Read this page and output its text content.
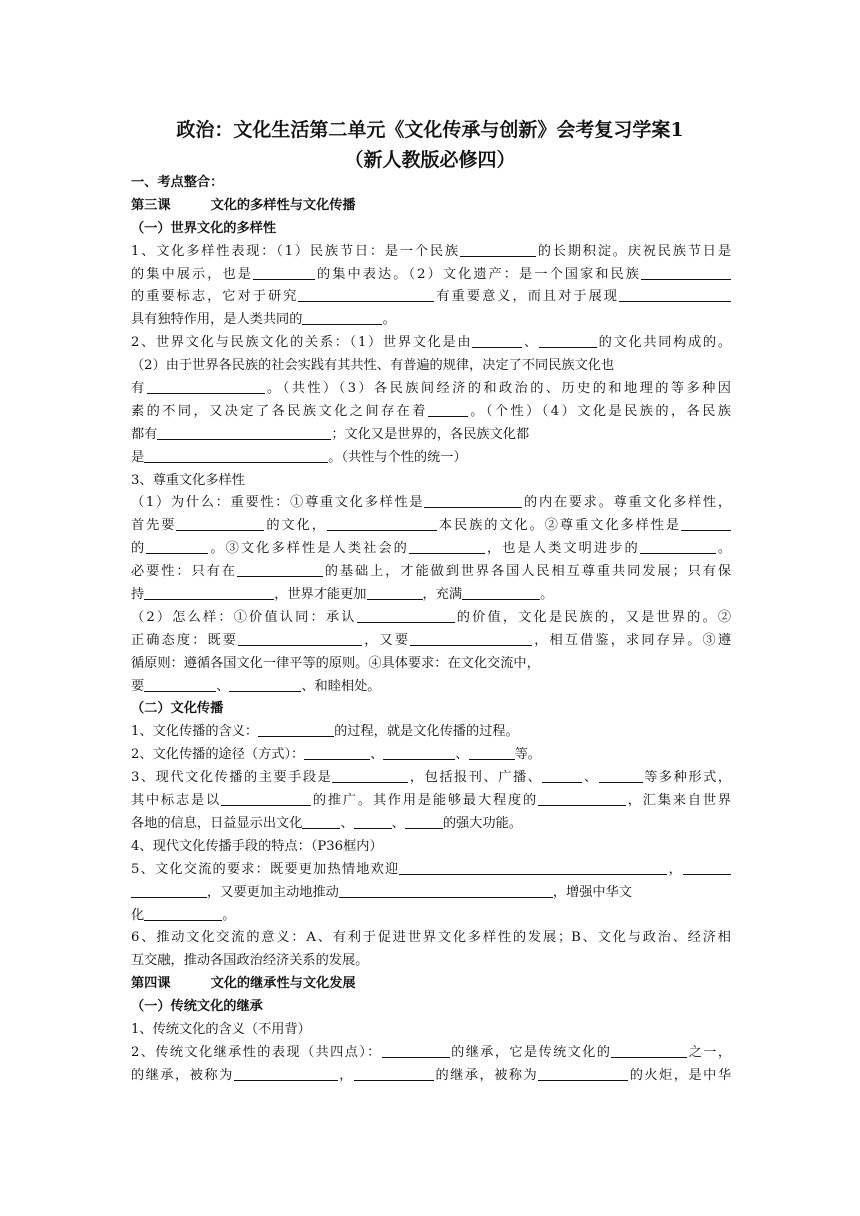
政治：文化生活第二单元《文化传承与创新》会考复习学案1
（新人教版必修四）
一、考点整合：
第三课	文化的多样性与文化传播
（一）世界文化的多样性
1、文化多样性表现：（1）民族节日：是一个民族	的长期积淀。庆祝民族节日是
的集中展示，也是	的集中表达。（2）文化遗产：是一个国家和民族
的重要标志，它对于研究	有重要意义，而且对于展现
具有独特作用，是人类共同的	。
2、世界文化与民族文化的关系：（1）世界文化是由	、	的文化共同构成的。
（2）由于世界各民族的社会实践有其共性、有普遍的规律，决定了不同民族文化也
有	。（共性）（3）各民族间经济的和政治的、历史的和地理的等多种因
素的不同，又决定了各民族文化之间存在着	。（个性）（4）文化是民族的，各民族
都有	；文化又是世界的，各民族文化都
是	。（共性与个性的统一）
3、尊重文化多样性
（1）为什么：重要性：①尊重文化多样性是	的内在要求。尊重文化多样性，
首先要	的文化，	本民族的文化。②尊重文化多样性是
的	。③文化多样性是人类社会的	，也是人类文明进步的	。
必要性：只有在	的基础上，才能做到世界各国人民相互尊重共同发展；只有保
持	，世界才能更加	，充满	。
（2）怎么样：①价值认同：承认	的价值，文化是民族的，又是世界的。②
正确态度：既要	，又要	，相互借鉴，求同存异。③遵
循原则：遵循各国文化一律平等的原则。④具体要求：在文化交流中，
要	、	、和睦相处。
（二）文化传播
1、文化传播的含义：	的过程，就是文化传播的过程。
2、文化传播的途径（方式）：	、	、	等。
3、现代文化传播的主要手段是	，包括报刊、广播、	、	等多种形式，
其中标志是以	的推广。其作用是能够最大程度的	，汇集来自世界
各地的信息，日益显示出文化	、	、	的强大功能。
4、现代文化传播手段的特点：（P36框内）
5、文化交流的要求：既要更加热情地欢迎	，
，又要更加主动地推动	，增强中华文
化	。
6、推动文化交流的意义：A、有利于促进世界文化多样性的发展；B、文化与政治、经济相
互交融，推动各国政治经济关系的发展。
第四课	文化的继承性与文化发展
（一）传统文化的继承
1、传统文化的含义（不用背）
2、传统文化继承性的表现（共四点）：	的继承，它是传统文化的	之一，
的继承，被称为	，	的继承，被称为	的火炬，是中华
